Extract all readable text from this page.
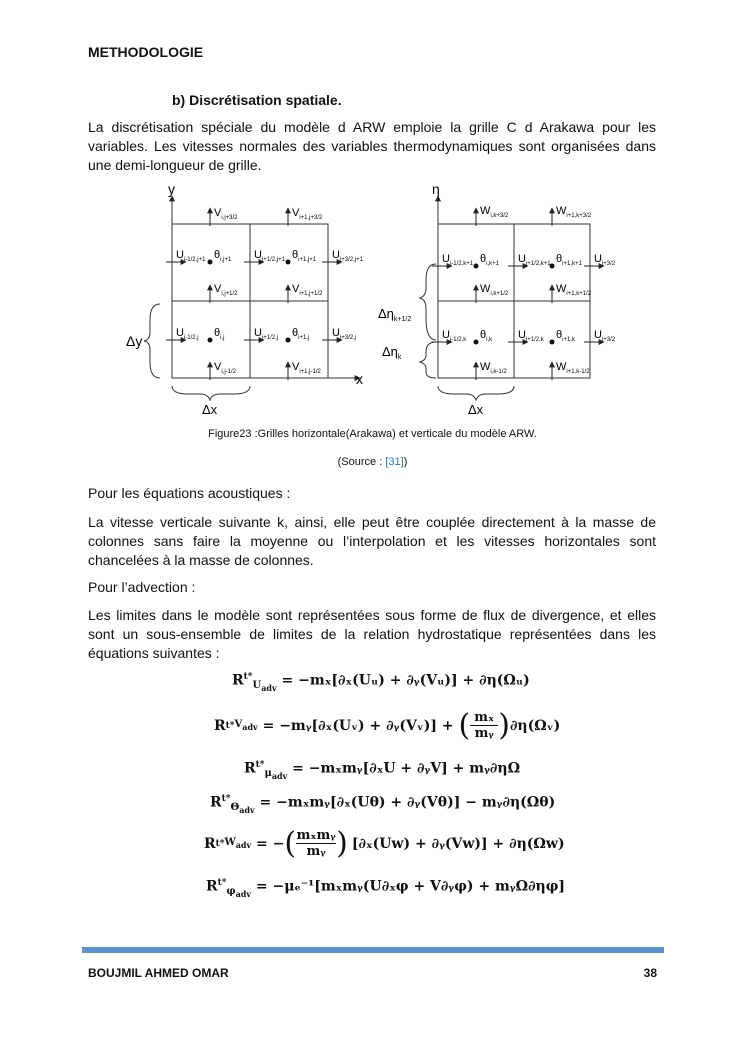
METHODOLOGIE
b) Discrétisation spatiale.

La discrétisation spéciale du modèle d ARW emploie la grille C d Arakawa pour les variables. Les vitesses normales des variables thermodynamiques sont organisées dans une demi-longueur de grille.

y
x
Δy
Δx
$V_{i,j+3/2}$	$V_{i+1,j+3/2}$
$U_{i-1/2,j+1}$ $\theta_{i,j+1}$ $U_{i+1/2,j+1}$ $\theta_{i+1,j+1}$ $U_{i+3/2,j+1}$
$V_{i,j+1/2}$	$V_{i+1,j+1/2}$
$U_{i-1/2,j}$ $\theta_{i,j}$	$U_{i+1/2,j}$ $\theta_{i+1,j}$ $U_{i+3/2,j}$
$V_{i,j-1/2}$	$V_{i+1,j-1/2}$
η
$\Delta\eta_{k+1/2}$
$\Delta\eta_k$
Δx
$W_{i,k+3/2}$	$W_{i+1,k+3/2}$
$U_{i-1/2,k+1}$ $\theta_{i,k+1}$ $U_{i+1/2,k+1}$ $\theta_{i+1,k+1}$ $U_{i+3/2}$
$W_{i,k+1/2}$	$W_{i+1,k+1/2}$
$U_{i-1/2,k}$ $\theta_{i,k}$ $U_{i+1/2,k}$ $\theta_{i+1,k}$ $U_{i+3/2}$
$W_{i,k-1/2}$	$W_{i+1,k-1/2}$
Figure23 :Grilles horizontale(Arakawa) et verticale du modèle ARW.
(Source : [31])

Pour les équations acoustiques :

La vitesse verticale suivante k, ainsi, elle peut être couplée directement à la masse de colonnes sans faire la moyenne ou l’interpolation et les vitesses horizontales sont chancelées à la masse de colonnes.

Pour l’advection :

Les limites dans le modèle sont représentées sous forme de flux de divergence, et elles sont un sous-ensemble de limites de la relation hydrostatique représentées dans les équations suivantes :

$R^{t*}_{U_{adv}}$ = −mₓ[∂ₓ(Uᵤ) + ∂ᵧ(Vᵤ)] + ∂η(Ωᵤ)
R t* $V_{adv}$ = −mᵧ[∂ₓ(Uᵥ) + ∂ᵧ(Vᵥ)] + ( mₓ
mᵧ ) ∂η(Ωᵥ)
$R^{t*}_{\mu_{adv}}$ = −mₓmᵧ[∂ₓU + ∂ᵧV] + mᵧ∂ηΩ
$R^{t*}_{\Theta_{adv}}$ = −mₓmᵧ[∂ₓ(Uθ) + ∂ᵧ(Vθ)] − mᵧ∂η(Ωθ)
R t* $W_{adv}$ = − ( mₓmᵧ
mᵧ ) [∂ₓ(Uw) + ∂ᵧ(Vw)] + ∂η(Ωw)
$R^{t*}_{\varphi_{adv}}$ = −μₑ⁻¹[mₓmᵧ(U∂ₓφ + V∂ᵧφ) + mᵧΩ∂ηφ]
BOUJMIL AHMED OMAR	38
